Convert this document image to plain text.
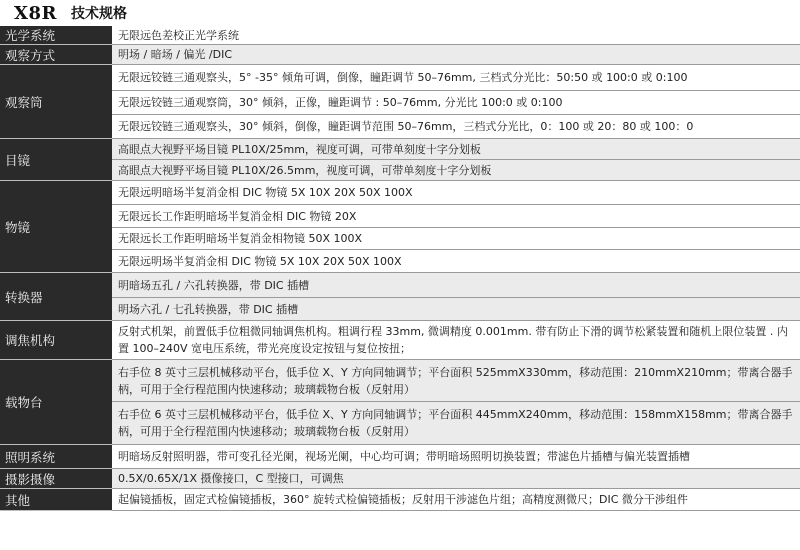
X8R 技术规格
光学系统	无限远色差校正光学系统
观察方式	明场 / 暗场 / 偏光 /DIC
观察筒	无限远铰链三通观察头，5° -35° 倾角可调，倒像，瞳距调节 50–76mm, 三档式分光比：50:50 或 100:0 或 0:100
	无限远铰链三通观察筒，30° 倾斜，正像，瞳距调节 : 50–76mm, 分光比 100:0 或 0:100
	无限远铰链三通观察头，30° 倾斜，倒像，瞳距调节范围 50–76mm，三档式分光比，0：100 或 20：80 或 100：0
目镜	高眼点大视野平场目镜 PL10X/25mm，视度可调，可带单刻度十字分划板
	高眼点大视野平场目镜 PL10X/26.5mm，视度可调，可带单刻度十字分划板
物镜	无限远明暗场半复消金相 DIC 物镜 5X 10X 20X 50X 100X
	无限远长工作距明暗场半复消金相 DIC 物镜 20X
	无限远长工作距明暗场半复消金相物镜 50X 100X
	无限远明场半复消金相 DIC 物镜 5X 10X 20X 50X 100X
转换器	明暗场五孔 / 六孔转换器，带 DIC 插槽
	明场六孔 / 七孔转换器，带 DIC 插槽
调焦机构	反射式机架，前置低手位粗微同轴调焦机构。粗调行程 33mm, 微调精度 0.001mm. 带有防止下滑的调节松紧装置和随机上限位装置 . 内置 100–240V 宽电压系统，带光亮度设定按钮与复位按扭；
载物台	右手位 8 英寸三层机械移动平台，低手位 X、Y 方向同轴调节；平台面积 525mmX330mm，移动范围：210mmX210mm；带离合器手柄，可用于全行程范围内快速移动；玻璃载物台板（反射用）
	右手位 6 英寸三层机械移动平台，低手位 X、Y 方向同轴调节；平台面积 445mmX240mm，移动范围：158mmX158mm；带离合器手柄，可用于全行程范围内快速移动；玻璃载物台板（反射用）
照明系统	明暗场反射照明器，带可变孔径光阑，视场光阑，中心均可调；带明暗场照明切换装置；带滤色片插槽与偏光装置插槽
摄影摄像	0.5X/0.65X/1X 摄像接口，C 型接口，可调焦
其他	起偏镜插板，固定式检偏镜插板，360° 旋转式检偏镜插板；反射用干涉滤色片组；高精度测微尺；DIC 微分干涉组件
